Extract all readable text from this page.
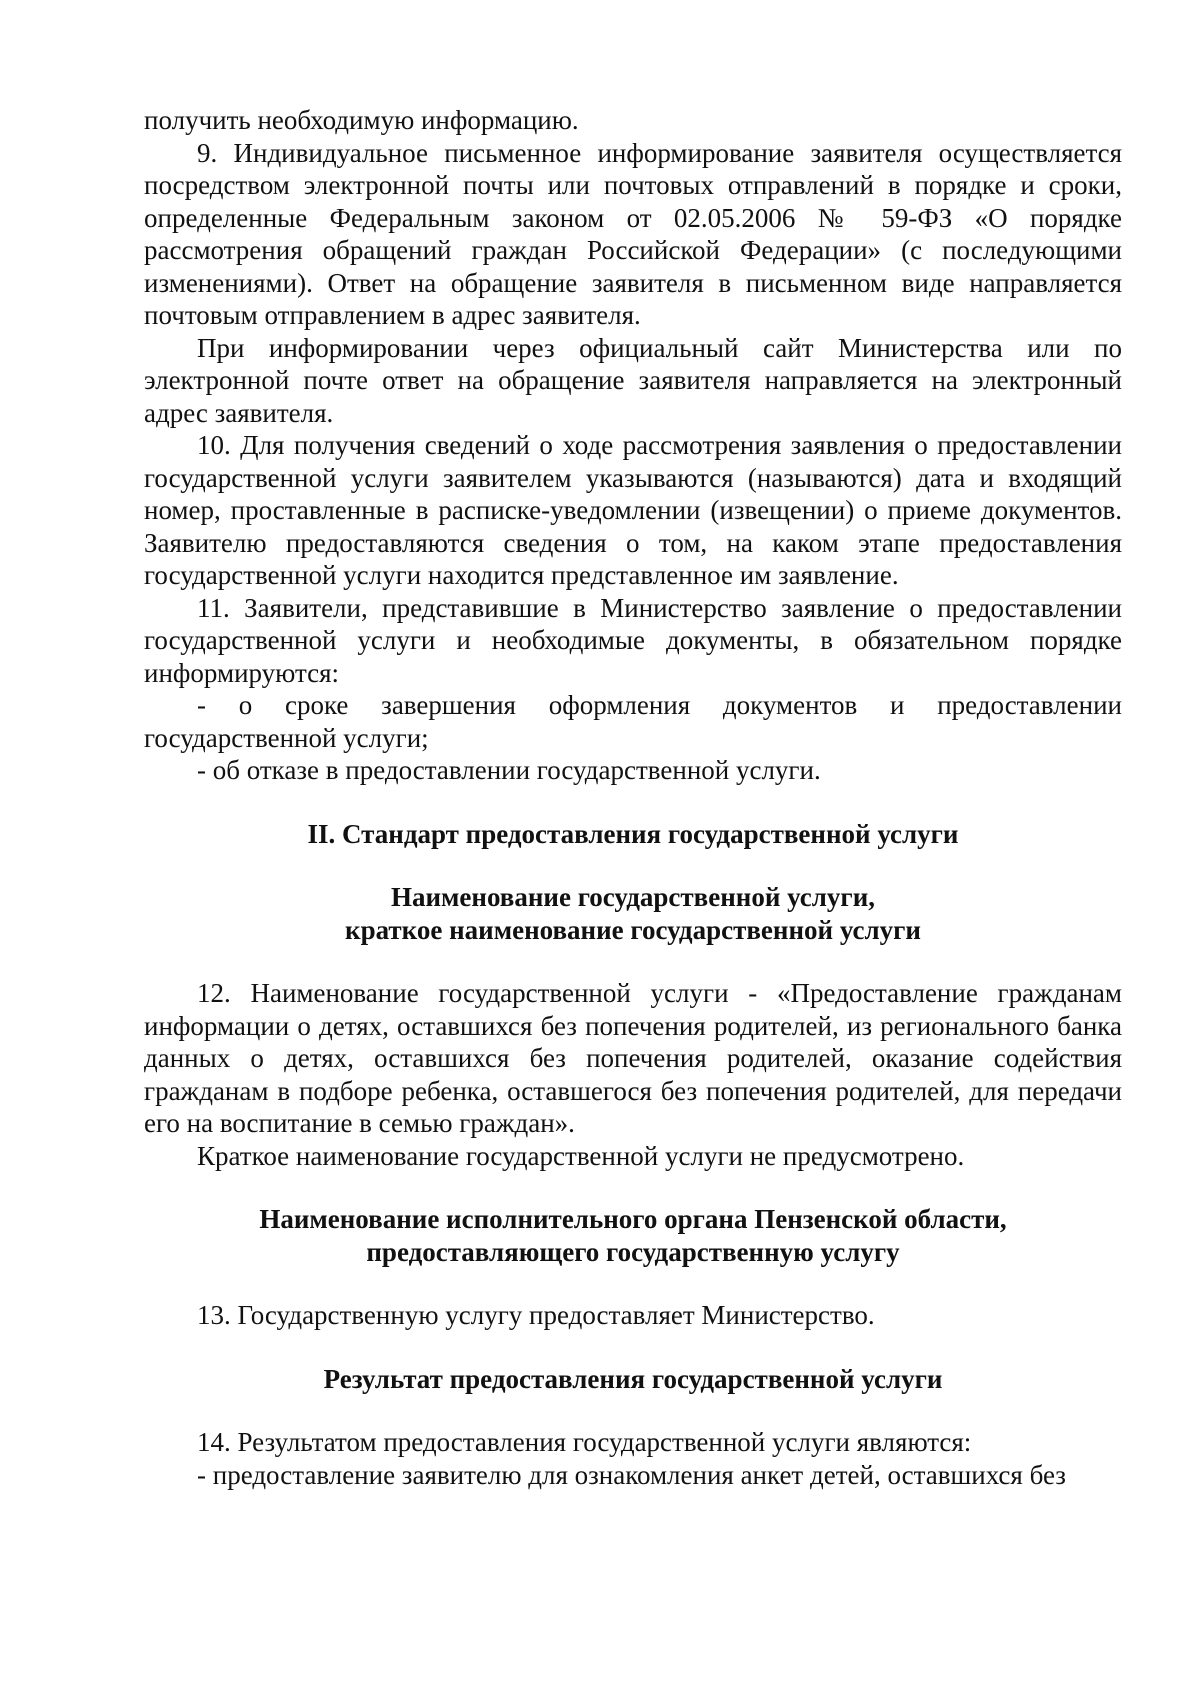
получить необходимую информацию.

9. Индивидуальное письменное информирование заявителя осуществляется посредством электронной почты или почтовых отправлений в порядке и сроки, определенные Федеральным законом от 02.05.2006 № 59-ФЗ «О порядке рассмотрения обращений граждан Российской Федерации» (с последующими изменениями). Ответ на обращение заявителя в письменном виде направляется почтовым отправлением в адрес заявителя.

При информировании через официальный сайт Министерства или по электронной почте ответ на обращение заявителя направляется на электронный адрес заявителя.

10. Для получения сведений о ходе рассмотрения заявления о предоставлении государственной услуги заявителем указываются (называются) дата и входящий номер, проставленные в расписке-уведомлении (извещении) о приеме документов. Заявителю предоставляются сведения о том, на каком этапе предоставления государственной услуги находится представленное им заявление.

11. Заявители, представившие в Министерство заявление о предоставлении государственной услуги и необходимые документы, в обязательном порядке информируются:

- о сроке завершения оформления документов и предоставлении государственной услуги;

- об отказе в предоставлении государственной услуги.

II. Стандарт предоставления государственной услуги

Наименование государственной услуги,

краткое наименование государственной услуги

12. Наименование государственной услуги - «Предоставление гражданам информации о детях, оставшихся без попечения родителей, из регионального банка данных о детях, оставшихся без попечения родителей, оказание содействия гражданам в подборе ребенка, оставшегося без попечения родителей, для передачи его на воспитание в семью граждан».

Краткое наименование государственной услуги не предусмотрено.

Наименование исполнительного органа Пензенской области,

предоставляющего государственную услугу

13. Государственную услугу предоставляет Министерство.

Результат предоставления государственной услуги

14. Результатом предоставления государственной услуги являются:

- предоставление заявителю для ознакомления анкет детей, оставшихся без
